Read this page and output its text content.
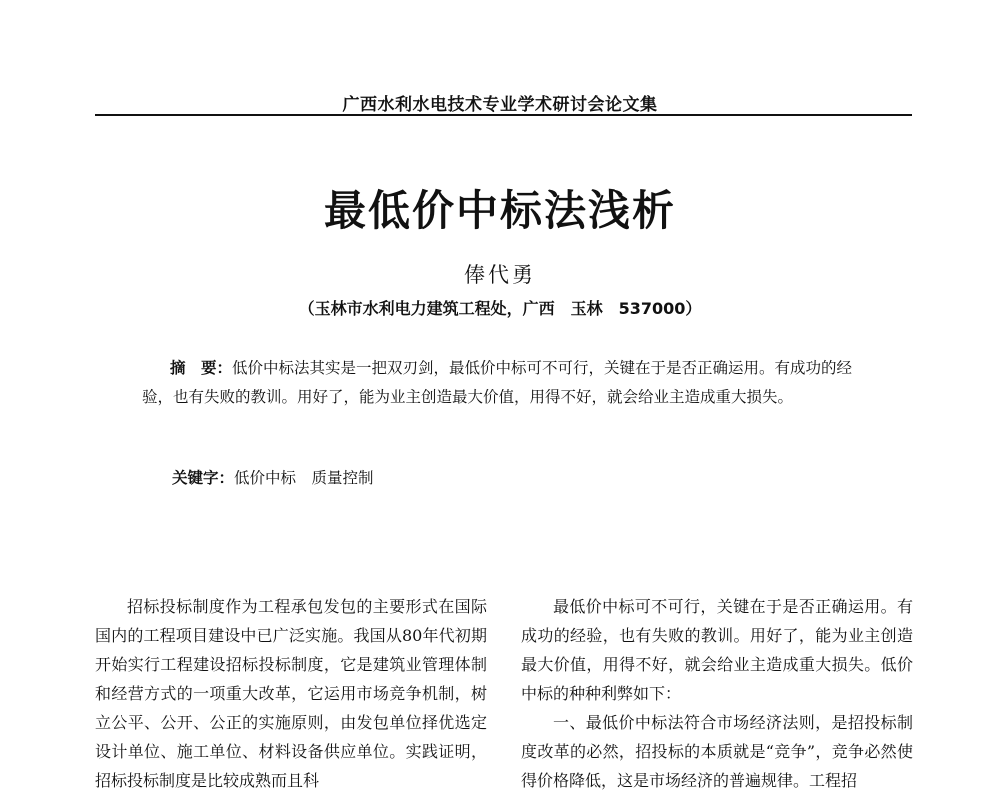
广西水利水电技术专业学术研讨会论文集
最低价中标法浅析
俸代勇
（玉林市水利电力建筑工程处，广西　玉林　537000）

摘　要：低价中标法其实是一把双刃剑，最低价中标可不可行，关键在于是否正确运用。有成功的经验，也有失败的教训。用好了，能为业主创造最大价值，用得不好，就会给业主造成重大损失。

关键字：低价中标　质量控制

招标投标制度作为工程承包发包的主要形式在国际国内的工程项目建设中已广泛实施。我国从80年代初期开始实行工程建设招标投标制度，它是建筑业管理体制和经营方式的一项重大改革，它运用市场竞争机制，树立公平、公开、公正的实施原则，由发包单位择优选定设计单位、施工单位、材料设备供应单位。实践证明，招标投标制度是比较成熟而且科

最低价中标可不可行，关键在于是否正确运用。有成功的经验，也有失败的教训。用好了，能为业主创造最大价值，用得不好，就会给业主造成重大损失。低价中标的种种利弊如下：

一、最低价中标法符合市场经济法则，是招投标制度改革的必然，招投标的本质就是“竞争”，竞争必然使得价格降低，这是市场经济的普遍规律。工程招
